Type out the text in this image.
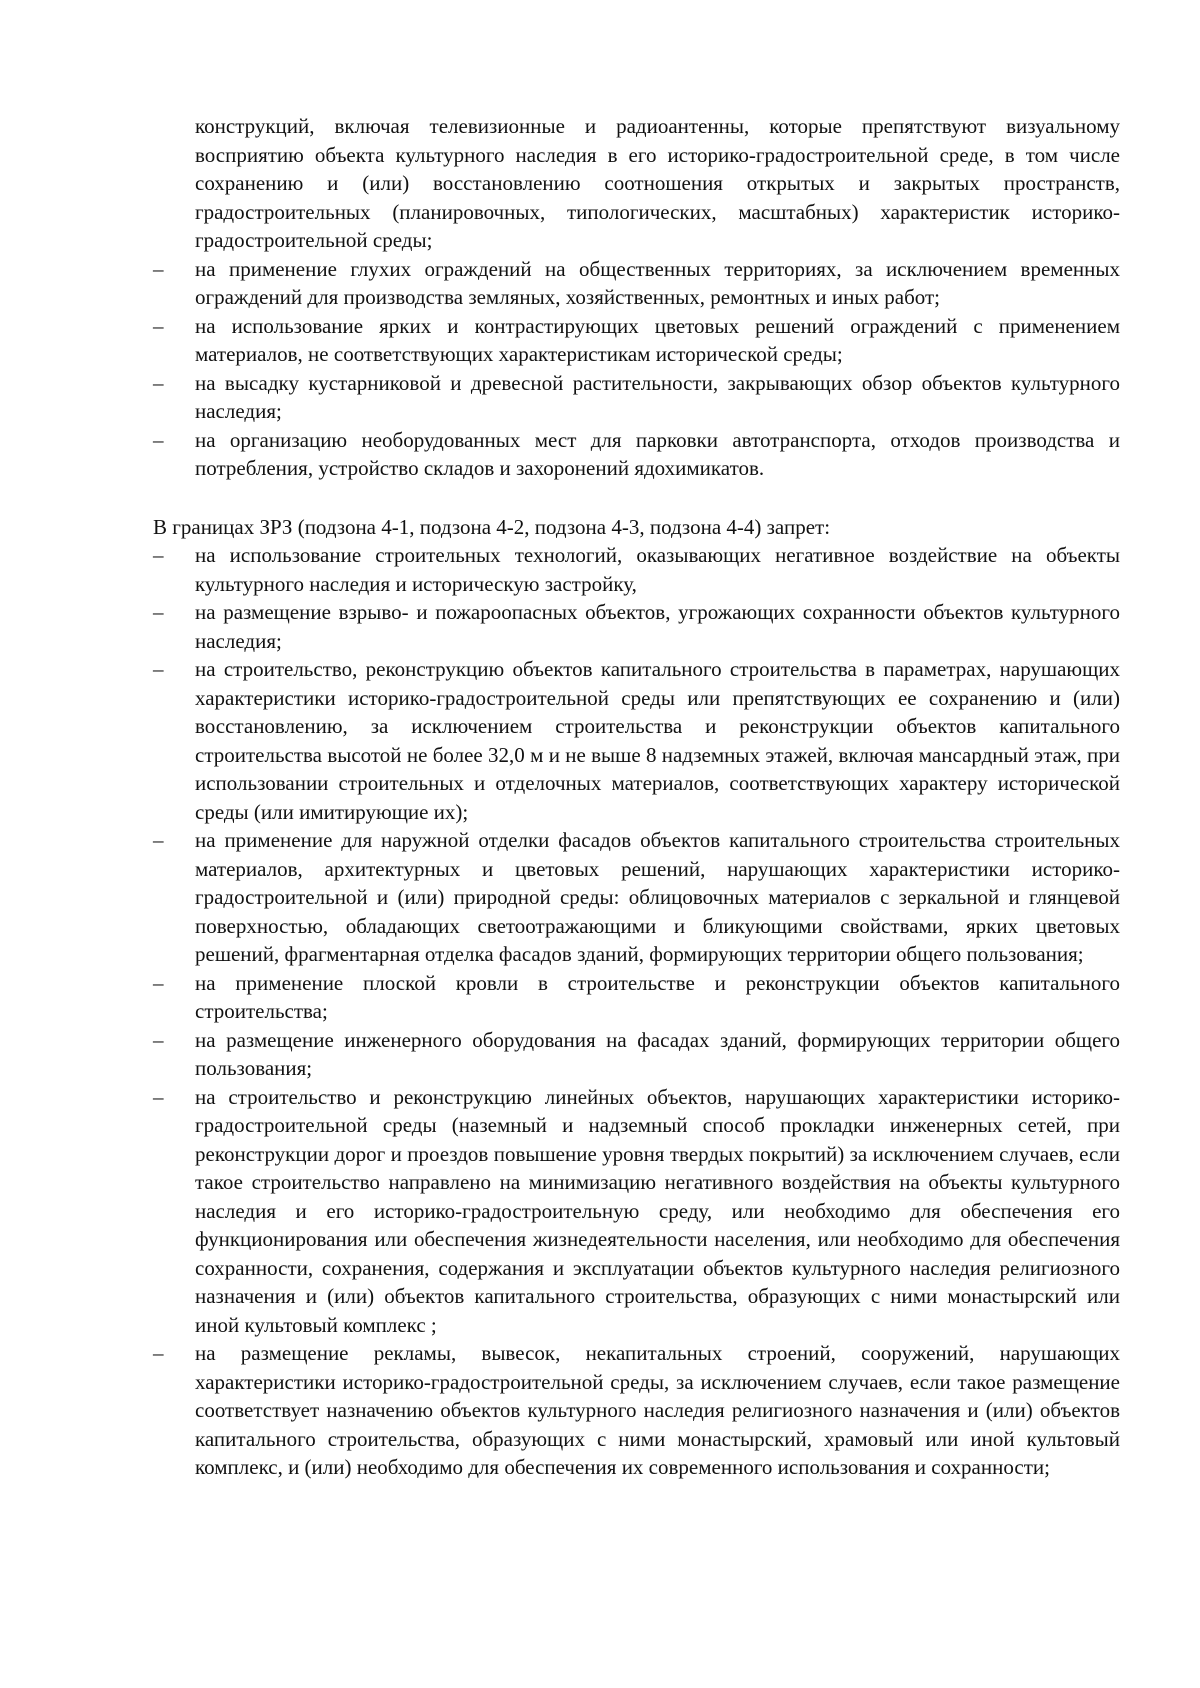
конструкций, включая телевизионные и радиоантенны, которые препятствуют визуальному восприятию объекта культурного наследия в его историко-градостроительной среде, в том числе сохранению и (или) восстановлению соотношения открытых и закрытых пространств, градостроительных (планировочных, типологических, масштабных) характеристик историко-градостроительной среды;

–	на применение глухих ограждений на общественных территориях, за исключением временных ограждений для производства земляных, хозяйственных, ремонтных и иных работ;
–	на использование ярких и контрастирующих цветовых решений ограждений с применением материалов, не соответствующих характеристикам исторической среды;
–	на высадку кустарниковой и древесной растительности, закрывающих обзор объектов культурного наследия;
–	на организацию необорудованных мест для парковки автотранспорта, отходов производства и потребления, устройство складов и захоронений ядохимикатов.

В границах ЗРЗ (подзона 4-1, подзона 4-2, подзона 4-3, подзона 4-4) запрет:

–	на использование строительных технологий, оказывающих негативное воздействие на объекты культурного наследия и историческую застройку,
–	на размещение взрыво- и пожароопасных объектов, угрожающих сохранности объектов культурного наследия;
–	на строительство, реконструкцию объектов капитального строительства в параметрах, нарушающих характеристики историко-градостроительной среды или препятствующих ее сохранению и (или) восстановлению, за исключением строительства и реконструкции объектов капитального строительства высотой не более 32,0 м и не выше 8 надземных этажей, включая мансардный этаж, при использовании строительных и отделочных материалов, соответствующих характеру исторической среды (или имитирующие их);
–	на применение для наружной отделки фасадов объектов капитального строительства строительных материалов, архитектурных и цветовых решений, нарушающих характеристики историко-градостроительной и (или) природной среды: облицовочных материалов с зеркальной и глянцевой поверхностью, обладающих светоотражающими и бликующими свойствами, ярких цветовых решений, фрагментарная отделка фасадов зданий, формирующих территории общего пользования;
–	на применение плоской кровли в строительстве и реконструкции объектов капитального строительства;
–	на размещение инженерного оборудования на фасадах зданий, формирующих территории общего пользования;
–	на строительство и реконструкцию линейных объектов, нарушающих характеристики историко-градостроительной среды (наземный и надземный способ прокладки инженерных сетей, при реконструкции дорог и проездов повышение уровня твердых покрытий) за исключением случаев, если такое строительство направлено на минимизацию негативного воздействия на объекты культурного наследия и его историко-градостроительную среду, или необходимо для обеспечения его функционирования или обеспечения жизнедеятельности населения, или необходимо для обеспечения сохранности, сохранения, содержания и эксплуатации объектов культурного наследия религиозного назначения и (или) объектов капитального строительства, образующих с ними монастырский или иной культовый комплекс ;
–	на размещение рекламы, вывесок, некапитальных строений, сооружений, нарушающих характеристики историко-градостроительной среды, за исключением случаев, если такое размещение соответствует назначению объектов культурного наследия религиозного назначения и (или) объектов капитального строительства, образующих с ними монастырский, храмовый или иной культовый комплекс, и (или) необходимо для обеспечения их современного использования и сохранности;
